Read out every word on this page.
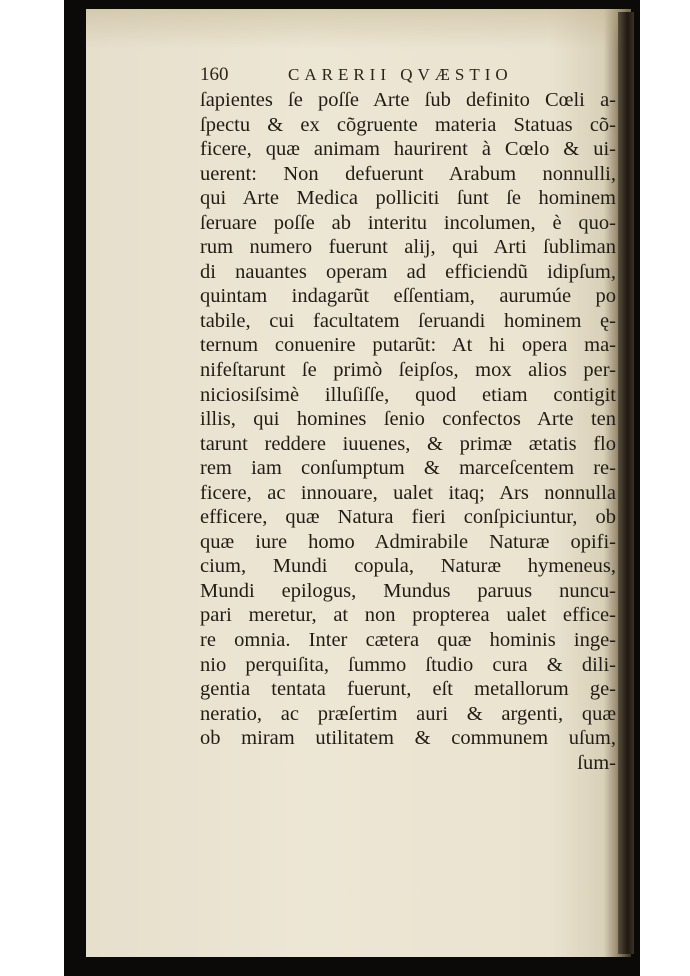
160	CARERII QVÆSTIO
ſapientes ſe poſſe Arte ſub definito Cœli a-
ſpectu & ex cõgruente materia Statuas cõ-
ficere, quæ animam haurirent à Cœlo & ui-
uerent: Non defuerunt Arabum nonnulli,
qui Arte Medica polliciti ſunt ſe hominem
ſeruare poſſe ab interitu incolumen, è quo-
rum numero fuerunt alij, qui Arti ſubliman
di nauantes operam ad efficiendũ idipſum,
quintam indagarũt eſſentiam, aurumúe po
tabile, cui facultatem ſeruandi hominem ę-
ternum conuenire putarũt: At hi opera ma-
nifeſtarunt ſe primò ſeipſos, mox alios per-
niciosiſsimè illuſiſſe, quod etiam contigit
illis, qui homines ſenio confectos Arte ten
tarunt reddere iuuenes, & primæ ætatis flo
rem iam conſumptum & marceſcentem re-
ficere, ac innouare, ualet itaq; Ars nonnulla
efficere, quæ Natura fieri conſpiciuntur, ob
quæ iure homo Admirabile Naturæ opifi-
cium, Mundi copula, Naturæ hymeneus,
Mundi epilogus, Mundus paruus nuncu-
pari meretur, at non propterea ualet effice-
re omnia. Inter cætera quæ hominis inge-
nio perquiſita, ſummo ſtudio cura & dili-
gentia tentata fuerunt, eſt metallorum ge-
neratio, ac præſertim auri & argenti, quæ
ob miram utilitatem & communem uſum,
ſum-
